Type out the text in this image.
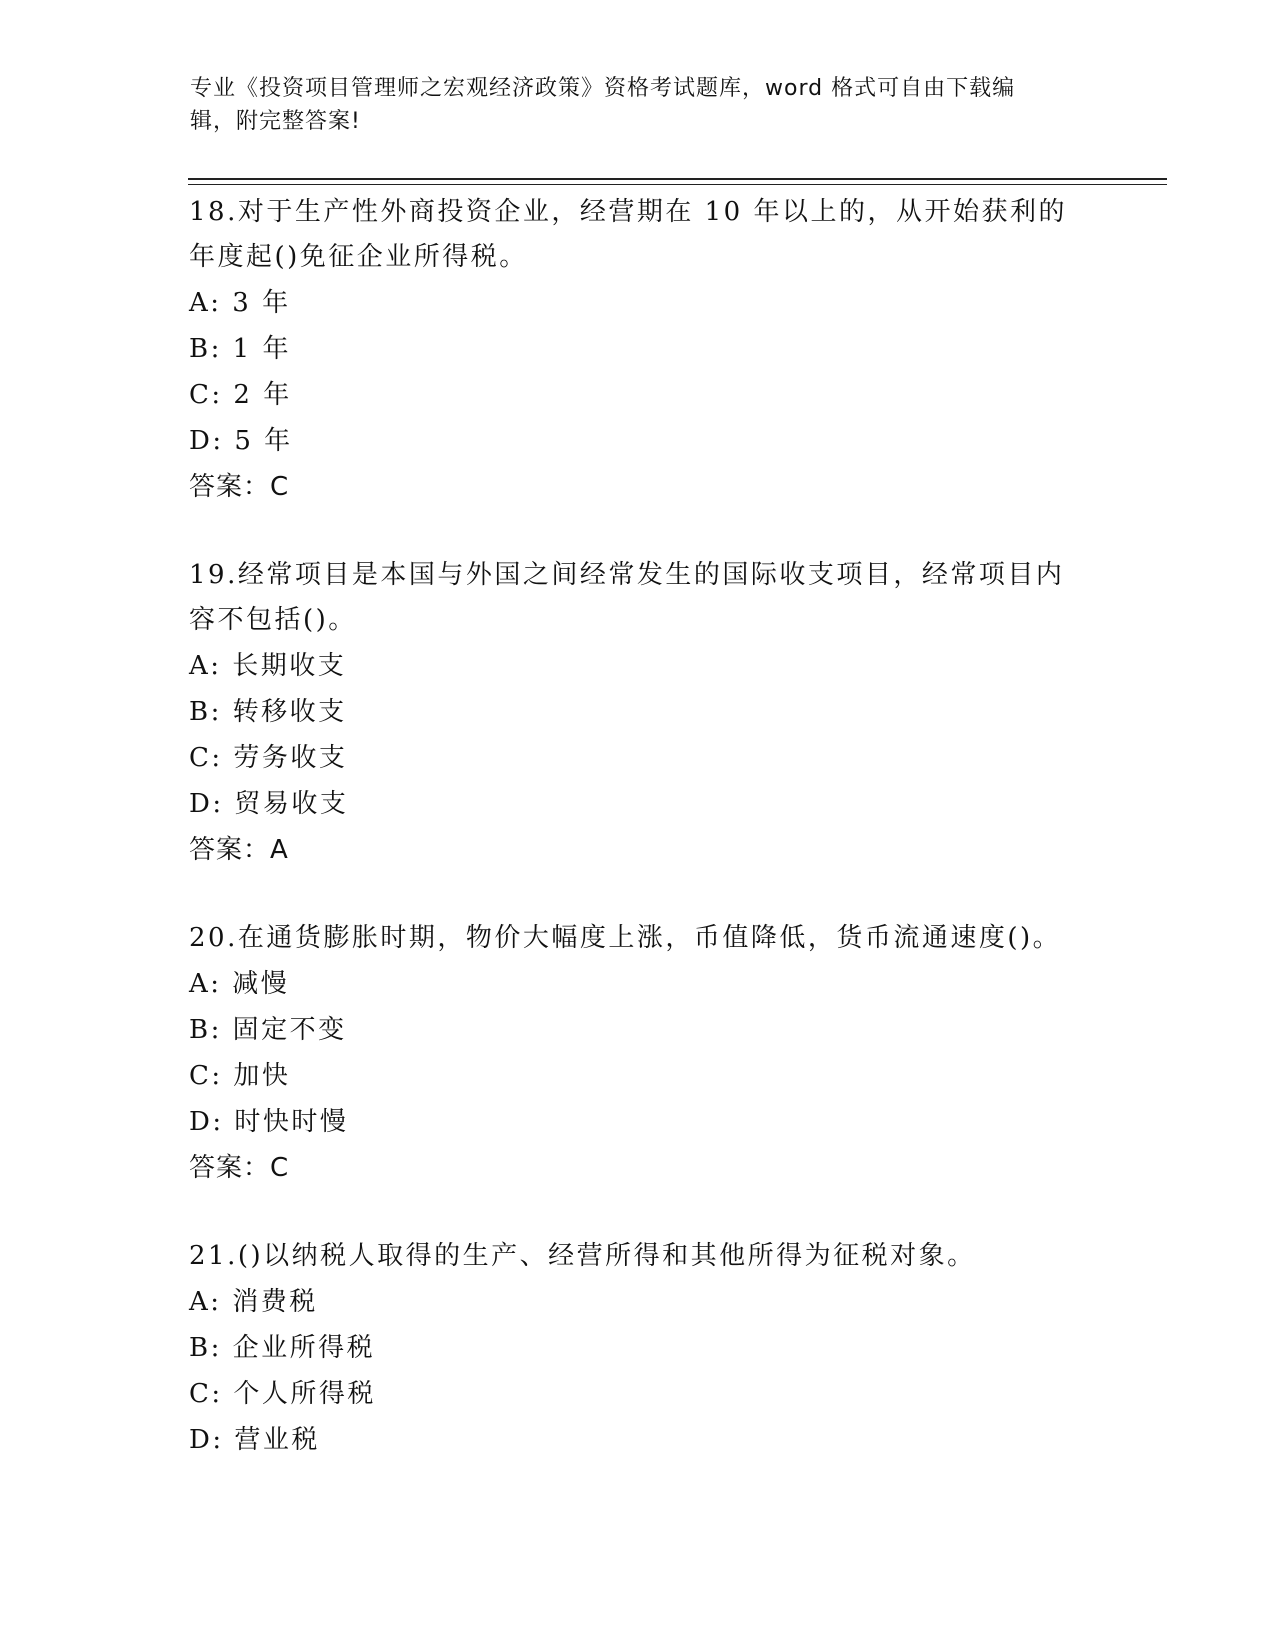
专业《投资项目管理师之宏观经济政策》资格考试题库，word 格式可自由下载编
辑，附完整答案!

18.对于生产性外商投资企业，经营期在 10 年以上的，从开始获利的
年度起()免征企业所得税。

A: 3 年
B: 1 年
C: 2 年
D: 5 年
答案：C

19.经常项目是本国与外国之间经常发生的国际收支项目，经常项目内
容不包括()。

A: 长期收支
B: 转移收支
C: 劳务收支
D: 贸易收支
答案：A

20.在通货膨胀时期，物价大幅度上涨，币值降低，货币流通速度()。

A: 减慢
B: 固定不变
C: 加快
D: 时快时慢
答案：C

21.()以纳税人取得的生产、经营所得和其他所得为征税对象。

A: 消费税
B: 企业所得税
C: 个人所得税
D: 营业税
